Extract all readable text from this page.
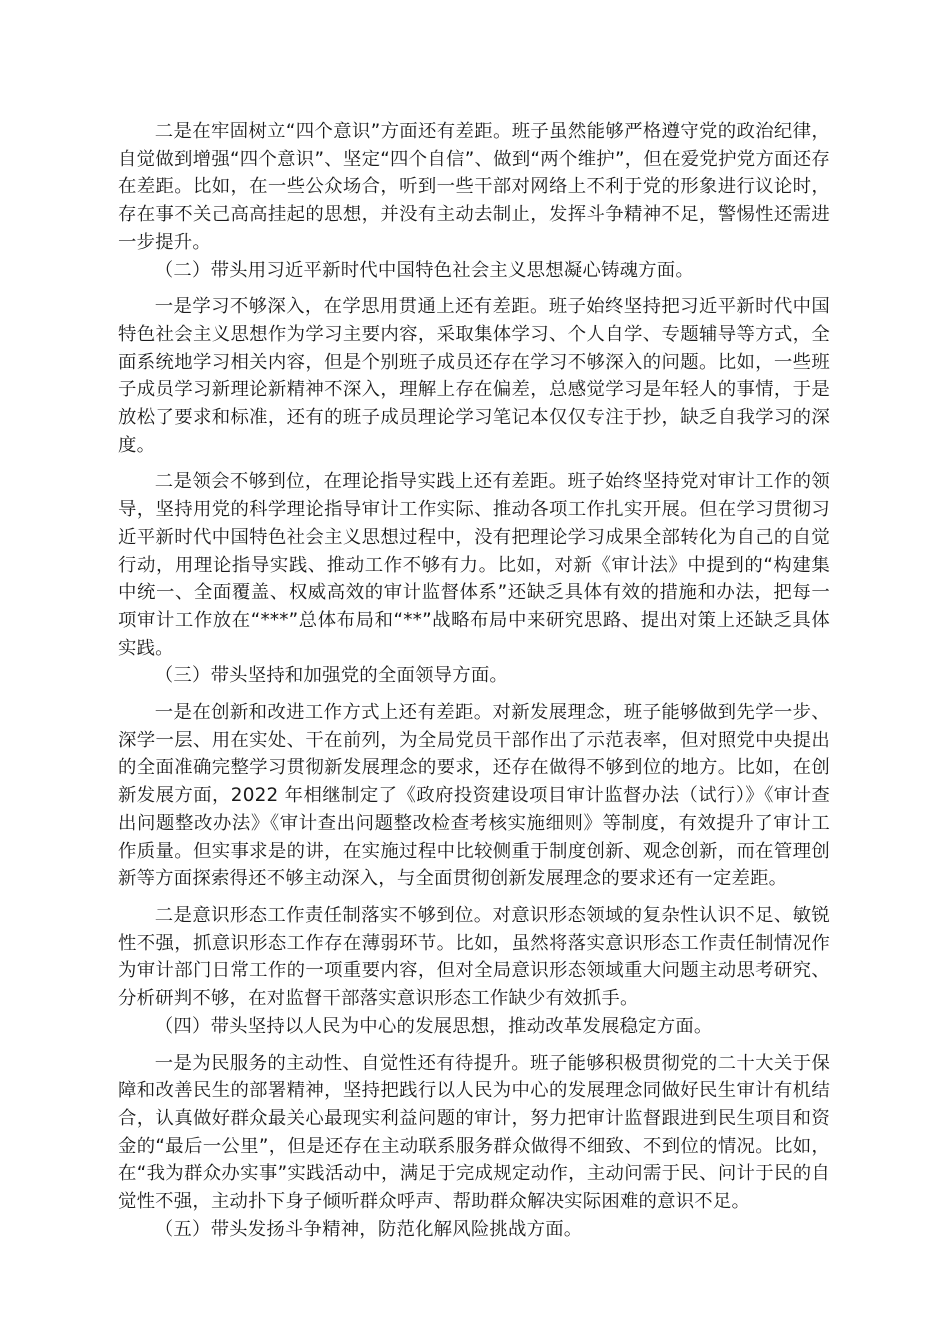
二是在牢固树立“四个意识”方面还有差距。班子虽然能够严格遵守党的政治纪律，自觉做到增强“四个意识”、坚定“四个自信”、做到“两个维护”，但在爱党护党方面还存在差距。比如，在一些公众场合，听到一些干部对网络上不利于党的形象进行议论时，存在事不关己高高挂起的思想，并没有主动去制止，发挥斗争精神不足，警惕性还需进一步提升。

（二）带头用习近平新时代中国特色社会主义思想凝心铸魂方面。

一是学习不够深入，在学思用贯通上还有差距。班子始终坚持把习近平新时代中国特色社会主义思想作为学习主要内容，采取集体学习、个人自学、专题辅导等方式，全面系统地学习相关内容，但是个别班子成员还存在学习不够深入的问题。比如，一些班子成员学习新理论新精神不深入，理解上存在偏差，总感觉学习是年轻人的事情，于是放松了要求和标准，还有的班子成员理论学习笔记本仅仅专注于抄，缺乏自我学习的深度。

二是领会不够到位，在理论指导实践上还有差距。班子始终坚持党对审计工作的领导，坚持用党的科学理论指导审计工作实际、推动各项工作扎实开展。但在学习贯彻习近平新时代中国特色社会主义思想过程中，没有把理论学习成果全部转化为自己的自觉行动，用理论指导实践、推动工作不够有力。比如，对新《审计法》中提到的“构建集中统一、全面覆盖、权威高效的审计监督体系”还缺乏具体有效的措施和办法，把每一项审计工作放在“***”总体布局和“**”战略布局中来研究思路、提出对策上还缺乏具体实践。

（三）带头坚持和加强党的全面领导方面。

一是在创新和改进工作方式上还有差距。对新发展理念，班子能够做到先学一步、深学一层、用在实处、干在前列，为全局党员干部作出了示范表率，但对照党中央提出的全面准确完整学习贯彻新发展理念的要求，还存在做得不够到位的地方。比如，在创新发展方面，2022 年相继制定了《政府投资建设项目审计监督办法（试行）》《审计查出问题整改办法》《审计查出问题整改检查考核实施细则》等制度，有效提升了审计工作质量。但实事求是的讲，在实施过程中比较侧重于制度创新、观念创新，而在管理创新等方面探索得还不够主动深入，与全面贯彻创新发展理念的要求还有一定差距。

二是意识形态工作责任制落实不够到位。对意识形态领域的复杂性认识不足、敏锐性不强，抓意识形态工作存在薄弱环节。比如，虽然将落实意识形态工作责任制情况作为审计部门日常工作的一项重要内容，但对全局意识形态领域重大问题主动思考研究、分析研判不够，在对监督干部落实意识形态工作缺少有效抓手。

（四）带头坚持以人民为中心的发展思想，推动改革发展稳定方面。

一是为民服务的主动性、自觉性还有待提升。班子能够积极贯彻党的二十大关于保障和改善民生的部署精神，坚持把践行以人民为中心的发展理念同做好民生审计有机结合，认真做好群众最关心最现实利益问题的审计，努力把审计监督跟进到民生项目和资金的“最后一公里”，但是还存在主动联系服务群众做得不细致、不到位的情况。比如，在“我为群众办实事”实践活动中，满足于完成规定动作，主动问需于民、问计于民的自觉性不强，主动扑下身子倾听群众呼声、帮助群众解决实际困难的意识不足。

（五）带头发扬斗争精神，防范化解风险挑战方面。
